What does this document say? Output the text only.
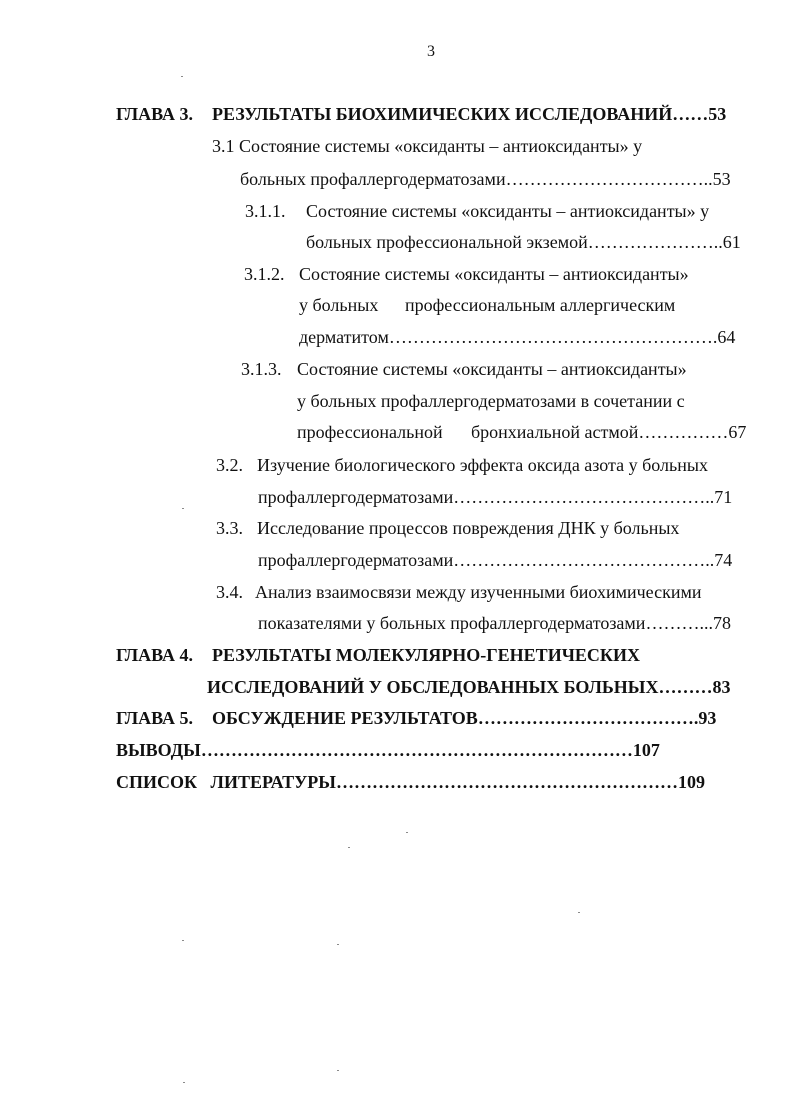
3
ГЛАВА 3. РЕЗУЛЬТАТЫ БИОХИМИЧЕСКИХ ИССЛЕДОВАНИЙ……53
3.1 Состояние системы «оксиданты – антиоксиданты» у
больных профаллергодерматозами……………………………..53
3.1.1. Состояние системы «оксиданты – антиоксиданты» у
больных профессиональной экземой…………………..61
3.1.2. Состояние системы «оксиданты – антиоксиданты»
у больных профессиональным аллергическим
дерматитом……………………………………………….64
3.1.3. Состояние системы «оксиданты – антиоксиданты»
у больных профаллергодерматозами в сочетании с
профессиональной бронхиальной астмой……………67
3.2. Изучение биологического эффекта оксида азота у больных
профаллергодерматозами……………………………………..71
3.3. Исследование процессов повреждения ДНК у больных
профаллергодерматозами……………………………………..74
3.4. Анализ взаимосвязи между изученными биохимическими
показателями у больных профаллергодерматозами………...78
ГЛАВА 4. РЕЗУЛЬТАТЫ МОЛЕКУЛЯРНО-ГЕНЕТИЧЕСКИХ
ИССЛЕДОВАНИЙ У ОБСЛЕДОВАННЫХ БОЛЬНЫХ………83
ГЛАВА 5. ОБСУЖДЕНИЕ РЕЗУЛЬТАТОВ……………………………….93
ВЫВОДЫ………………………………………………………………107
СПИСОК   ЛИТЕРАТУРЫ…………………………………………………109
